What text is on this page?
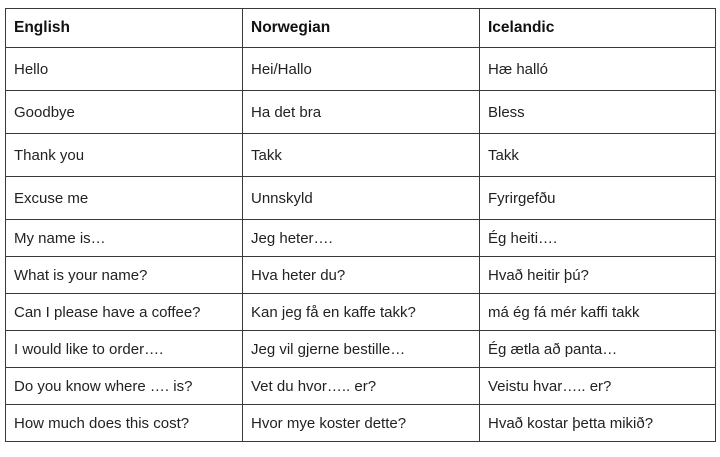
English	Norwegian	Icelandic
Hello	Hei/Hallo	Hæ halló
Goodbye	Ha det bra	Bless
Thank you	Takk	Takk
Excuse me	Unnskyld	Fyrirgefðu
My name is…	Jeg heter….	Ég heiti….
What is your name?	Hva heter du?	Hvað heitir þú?
Can I please have a coffee?	Kan jeg få en kaffe takk?	má ég fá mér kaffi takk
I would like to order….	Jeg vil gjerne bestille…	Ég ætla að panta…
Do you know where …. is?	Vet du hvor….. er?	Veistu hvar….. er?
How much does this cost?	Hvor mye koster dette?	Hvað kostar þetta mikið?
